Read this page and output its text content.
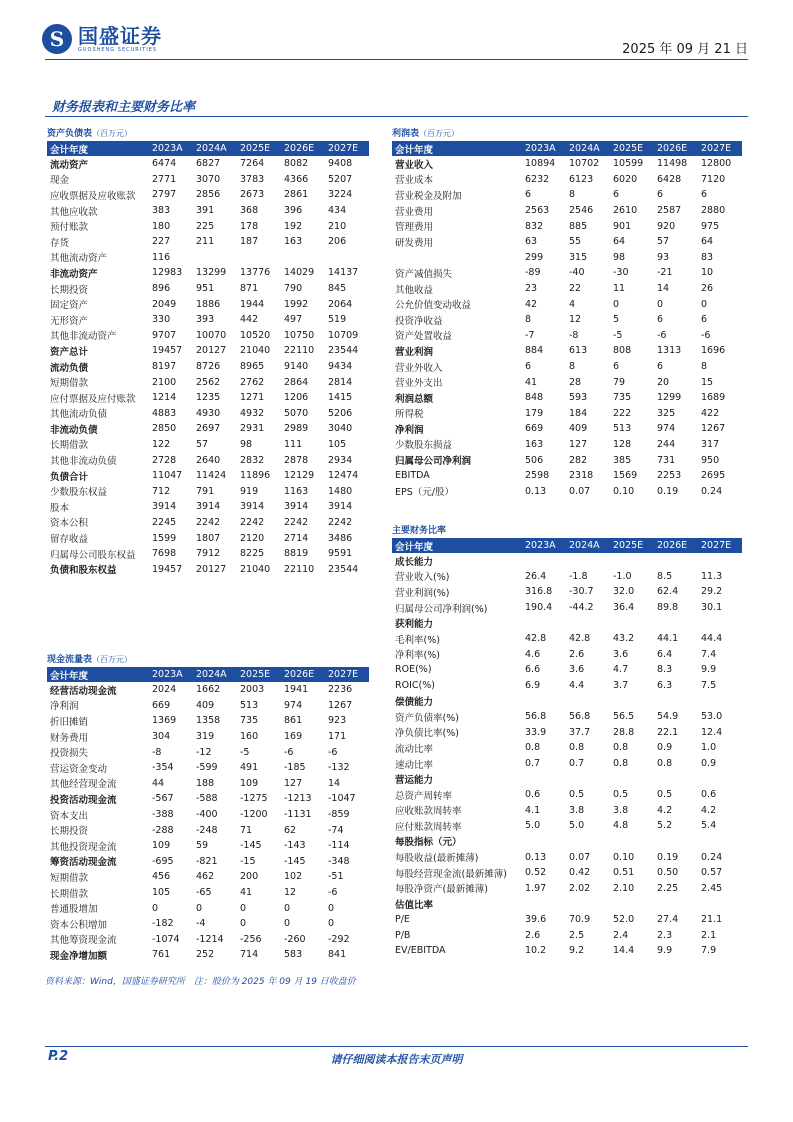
S 国盛证券
GUOSHENG SECURITIES	2025 年 09 月 21 日
财务报表和主要财务比率
资产负债表（百万元）
会计年度	2023A	2024A	2025E	2026E	2027E
流动资产	6474	6827	7264	8082	9408
现金	2771	3070	3783	4366	5207
应收票据及应收账款	2797	2856	2673	2861	3224
其他应收款	383	391	368	396	434
预付账款	180	225	178	192	210
存货	227	211	187	163	206
其他流动资产	116				
非流动资产	12983	13299	13776	14029	14137
长期投资	896	951	871	790	845
固定资产	2049	1886	1944	1992	2064
无形资产	330	393	442	497	519
其他非流动资产	9707	10070	10520	10750	10709
资产总计	19457	20127	21040	22110	23544
流动负债	8197	8726	8965	9140	9434
短期借款	2100	2562	2762	2864	2814
应付票据及应付账款	1214	1235	1271	1206	1415
其他流动负债	4883	4930	4932	5070	5206
非流动负债	2850	2697	2931	2989	3040
长期借款	122	57	98	111	105
其他非流动负债	2728	2640	2832	2878	2934
负债合计	11047	11424	11896	12129	12474
少数股东权益	712	791	919	1163	1480
股本	3914	3914	3914	3914	3914
资本公积	2245	2242	2242	2242	2242
留存收益	1599	1807	2120	2714	3486
归属母公司股东权益	7698	7912	8225	8819	9591
负债和股东权益	19457	20127	21040	22110	23544
利润表（百万元）
会计年度	2023A	2024A	2025E	2026E	2027E
营业收入	10894	10702	10599	11498	12800
营业成本	6232	6123	6020	6428	7120
营业税金及附加	6	8	6	6	6
营业费用	2563	2546	2610	2587	2880
管理费用	832	885	901	920	975
研发费用	63	55	64	57	64
	299	315	98	93	83
资产减值损失	-89	-40	-30	-21	10
其他收益	23	22	11	14	26
公允价值变动收益	42	4	0	0	0
投资净收益	8	12	5	6	6
资产处置收益	-7	-8	-5	-6	-6
营业利润	884	613	808	1313	1696
营业外收入	6	8	6	6	8
营业外支出	41	28	79	20	15
利润总额	848	593	735	1299	1689
所得税	179	184	222	325	422
净利润	669	409	513	974	1267
少数股东损益	163	127	128	244	317
归属母公司净利润	506	282	385	731	950
EBITDA	2598	2318	1569	2253	2695
EPS（元/股）	0.13	0.07	0.10	0.19	0.24
主要财务比率
会计年度	2023A	2024A	2025E	2026E	2027E
成长能力					
营业收入(%)	26.4	-1.8	-1.0	8.5	11.3
营业利润(%)	316.8	-30.7	32.0	62.4	29.2
归属母公司净利润(%)	190.4	-44.2	36.4	89.8	30.1
获利能力					
毛利率(%)	42.8	42.8	43.2	44.1	44.4
净利率(%)	4.6	2.6	3.6	6.4	7.4
ROE(%)	6.6	3.6	4.7	8.3	9.9
ROIC(%)	6.9	4.4	3.7	6.3	7.5
偿债能力					
资产负债率(%)	56.8	56.8	56.5	54.9	53.0
净负债比率(%)	33.9	37.7	28.8	22.1	12.4
流动比率	0.8	0.8	0.8	0.9	1.0
速动比率	0.7	0.7	0.8	0.8	0.9
营运能力					
总资产周转率	0.6	0.5	0.5	0.5	0.6
应收账款周转率	4.1	3.8	3.8	4.2	4.2
应付账款周转率	5.0	5.0	4.8	5.2	5.4
每股指标（元）					
每股收益(最新摊薄)	0.13	0.07	0.10	0.19	0.24
每股经营现金流(最新摊薄)	0.52	0.42	0.51	0.50	0.57
每股净资产(最新摊薄)	1.97	2.02	2.10	2.25	2.45
估值比率					
P/E	39.6	70.9	52.0	27.4	21.1
P/B	2.6	2.5	2.4	2.3	2.1
EV/EBITDA	10.2	9.2	14.4	9.9	7.9
现金流量表（百万元）
会计年度	2023A	2024A	2025E	2026E	2027E
经营活动现金流	2024	1662	2003	1941	2236
净利润	669	409	513	974	1267
折旧摊销	1369	1358	735	861	923
财务费用	304	319	160	169	171
投资损失	-8	-12	-5	-6	-6
营运资金变动	-354	-599	491	-185	-132
其他经营现金流	44	188	109	127	14
投资活动现金流	-567	-588	-1275	-1213	-1047
资本支出	-388	-400	-1200	-1131	-859
长期投资	-288	-248	71	62	-74
其他投资现金流	109	59	-145	-143	-114
筹资活动现金流	-695	-821	-15	-145	-348
短期借款	456	462	200	102	-51
长期借款	105	-65	41	12	-6
普通股增加	0	0	0	0	0
资本公积增加	-182	-4	0	0	0
其他筹资现金流	-1074	-1214	-256	-260	-292
现金净增加额	761	252	714	583	841
资料来源：Wind，国盛证券研究所　注：股价为 2025 年 09 月 19 日收盘价
P.2	请仔细阅读本报告末页声明
